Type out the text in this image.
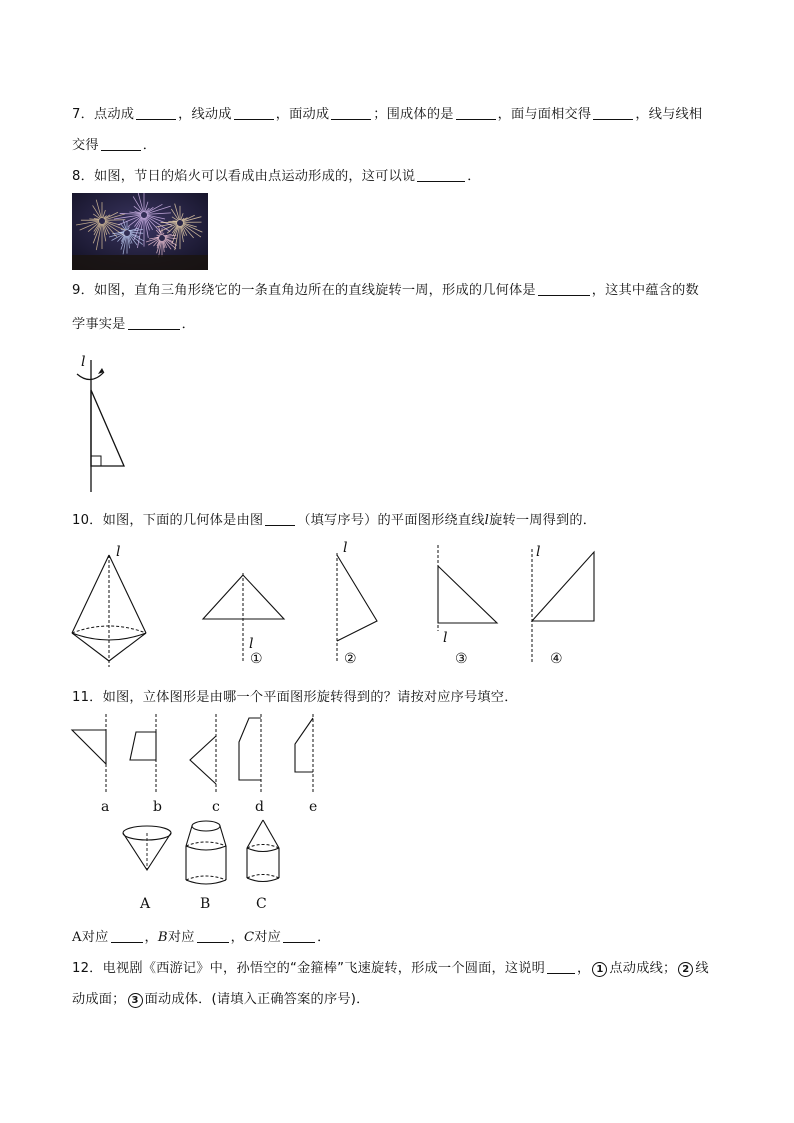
7．点动成	，线动成	，面动成	；围成体的是	，面与面相交得	，线与线相
交得	．
8．如图，节日的焰火可以看成由点运动形成的，这可以说	．
9．如图，直角三角形绕它的一条直角边所在的直线旋转一周，形成的几何体是	，这其中蕴含的数
学事实是	．
l
10．如图，下面的几何体是由图	（填写序号）的平面图形绕直线l旋转一周得到的．
l
l
l
l
l
①	②	③	④
11．如图，立体图形是由哪一个平面图形旋转得到的？请按对应序号填空．
a	b	c	d	e
A	B	C
A对应	，B对应	，C对应	．
12．电视剧《西游记》中，孙悟空的“金箍棒”飞速旋转，形成一个圆面，这说明 ， 1 点动成线； 2 线
动成面； 3 面动成体．(请填入正确答案的序号)．
